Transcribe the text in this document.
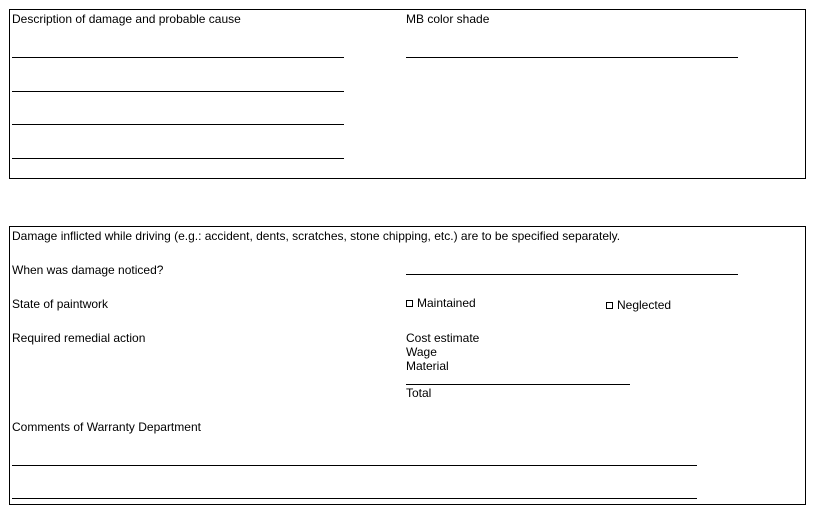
Description of damage and probable cause	MB color shade
Damage inflicted while driving (e.g.: accident, dents, scratches, stone chipping, etc.) are to be specified separately.
When was damage noticed?
State of paintwork	Maintained	Neglected
Required remedial action	Cost estimate
Wage
Material
Total
Comments of Warranty Department
